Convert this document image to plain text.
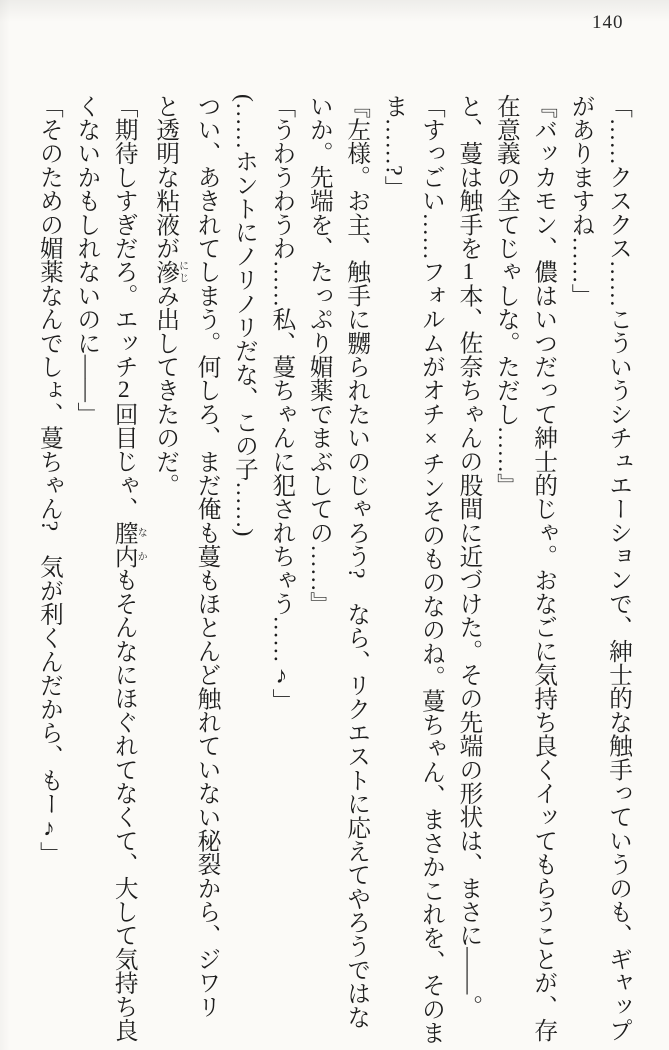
140
「……クスクス……こういうシチュエーションで、紳士的な触手っていうのも、ギャップ
がありますね……」
『バッカモン、儂はいつだって紳士的じゃ。おなごに気持ち良くイッてもらうことが、存
在意義の全てじゃしな。ただし……』
と、蔓は触手を1本、佐奈ちゃんの股間に近づけた。その先端の形状は、まさに――。
「すっごい……フォルムがオチ×チンそのものなのね。蔓ちゃん、まさかこれを、そのま
ま……?」
『左様。お主、触手に嬲られたいのじゃろう?　なら、リクエストに応えてやろうではな
いか。先端を、たっぷり媚薬でまぶしての……』
「うわうわうわ……私、蔓ちゃんに犯されちゃう……♪」
(……ホントにノリノリだな、この子……)
つい、あきれてしまう。何しろ、まだ俺も蔓もほとんど触れていない秘裂から、ジワリ
と透明な粘液が滲にじみ出してきたのだ。
「期待しすぎだろ。エッチ2回目じゃ、膣内なかもそんなにほぐれてなくて、大して気持ち良
くないかもしれないのに――」
「そのための媚薬なんでしょ、蔓ちゃん?　気が利くんだから、もー♪」
